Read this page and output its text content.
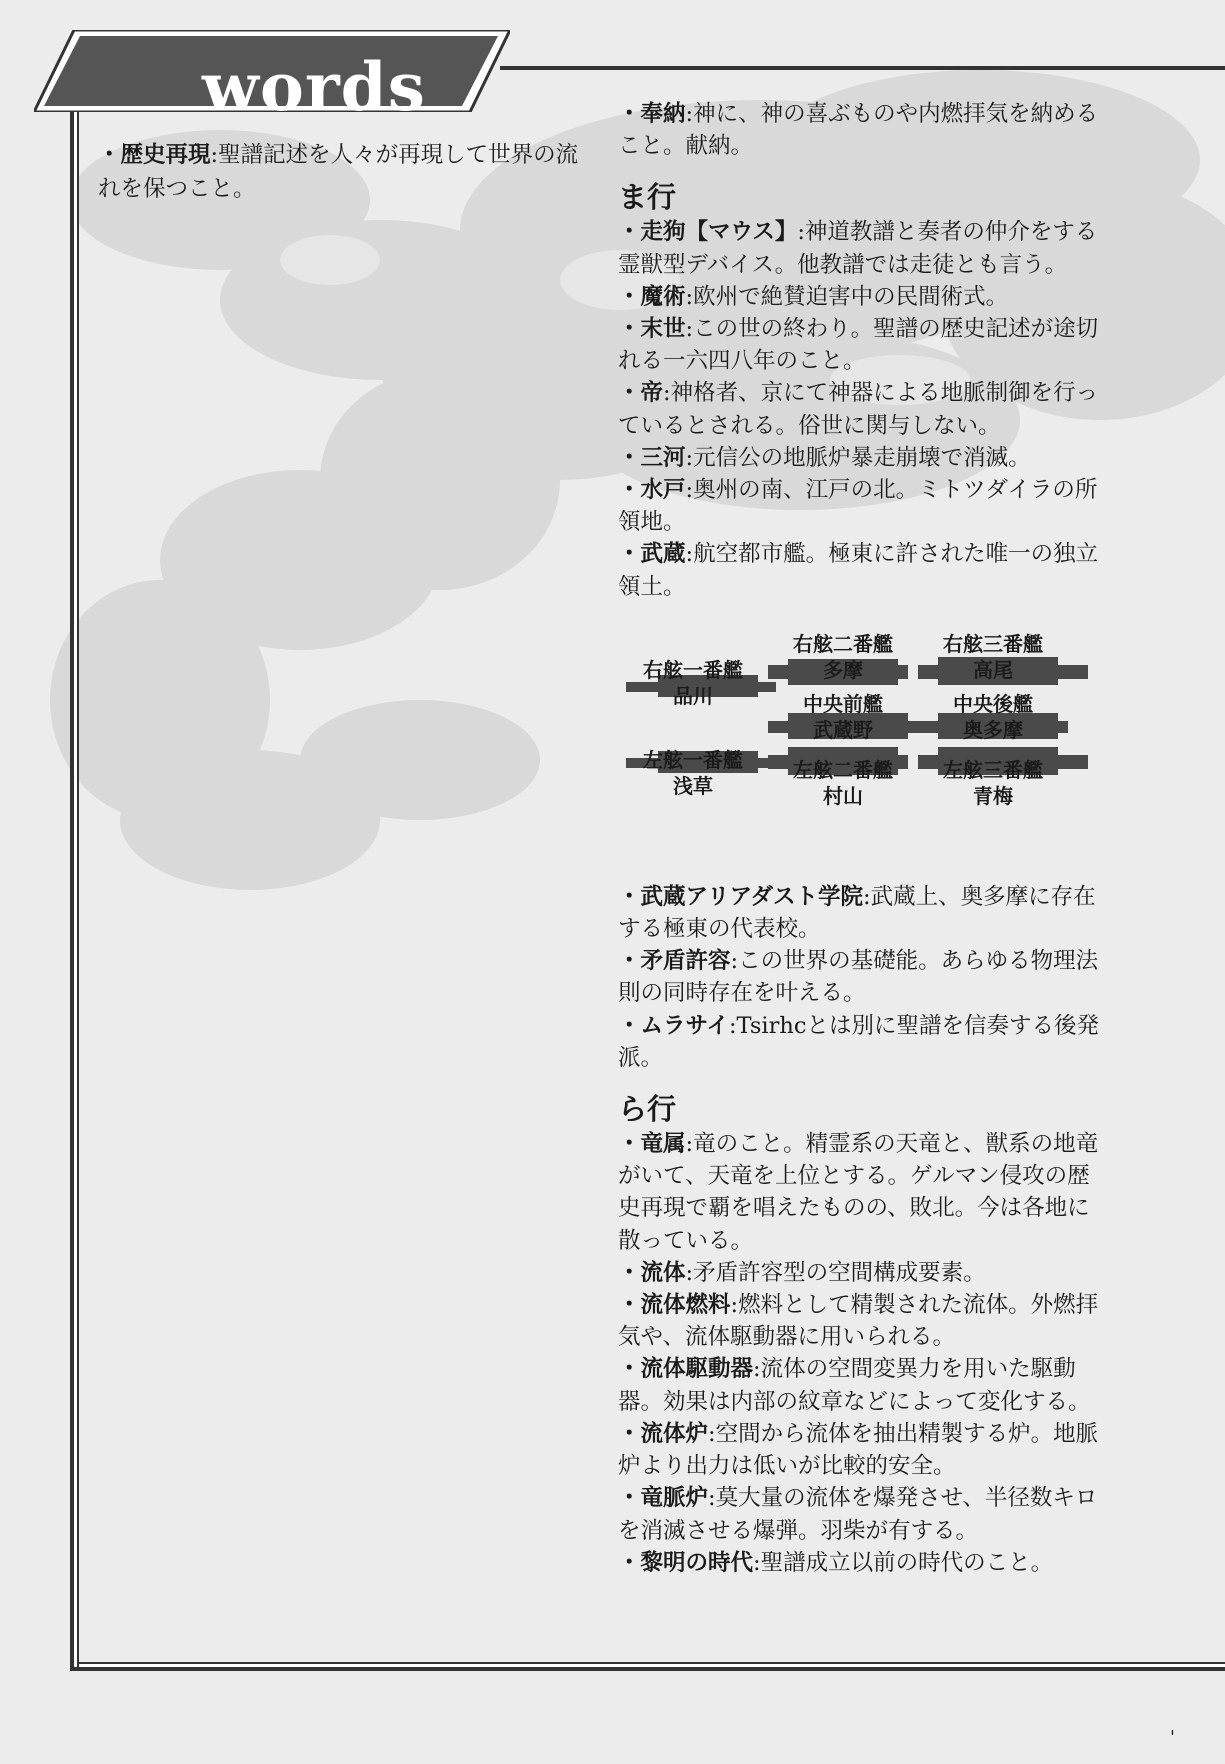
words

・歴史再現:聖譜記述を人々が再現して世界の流れを保つこと。

・奉納:神に、神の喜ぶものや内燃拝気を納めること。献納。

ま行

・走狗【マウス】:神道教譜と奏者の仲介をする霊獣型デバイス。他教譜では走徒とも言う。

・魔術:欧州で絶賛迫害中の民間術式。

・末世:この世の終わり。聖譜の歴史記述が途切れる一六四八年のこと。

・帝:神格者、京にて神器による地脈制御を行っているとされる。俗世に関与しない。

・三河:元信公の地脈炉暴走崩壊で消滅。

・水戸:奥州の南、江戸の北。ミトツダイラの所領地。

・武蔵:航空都市艦。極東に許された唯一の独立領土。

右舷一番艦
品川
右舷二番艦
多摩
右舷三番艦
高尾
中央前艦
武蔵野
中央後艦
奥多摩
左舷一番艦
浅草
左舷二番艦
村山
左舷三番艦
青梅

・武蔵アリアダスト学院:武蔵上、奥多摩に存在する極東の代表校。

・矛盾許容:この世界の基礎能。あらゆる物理法則の同時存在を叶える。

・ムラサイ:Tsirhcとは別に聖譜を信奏する後発派。

ら行

・竜属:竜のこと。精霊系の天竜と、獣系の地竜がいて、天竜を上位とする。ゲルマン侵攻の歴史再現で覇を唱えたものの、敗北。今は各地に散っている。

・流体:矛盾許容型の空間構成要素。

・流体燃料:燃料として精製された流体。外燃拝気や、流体駆動器に用いられる。

・流体駆動器:流体の空間変異力を用いた駆動器。効果は内部の紋章などによって変化する。

・流体炉:空間から流体を抽出精製する炉。地脈炉より出力は低いが比較的安全。

・竜脈炉:莫大量の流体を爆発させ、半径数キロを消滅させる爆弾。羽柴が有する。

・黎明の時代:聖譜成立以前の時代のこと。

'
